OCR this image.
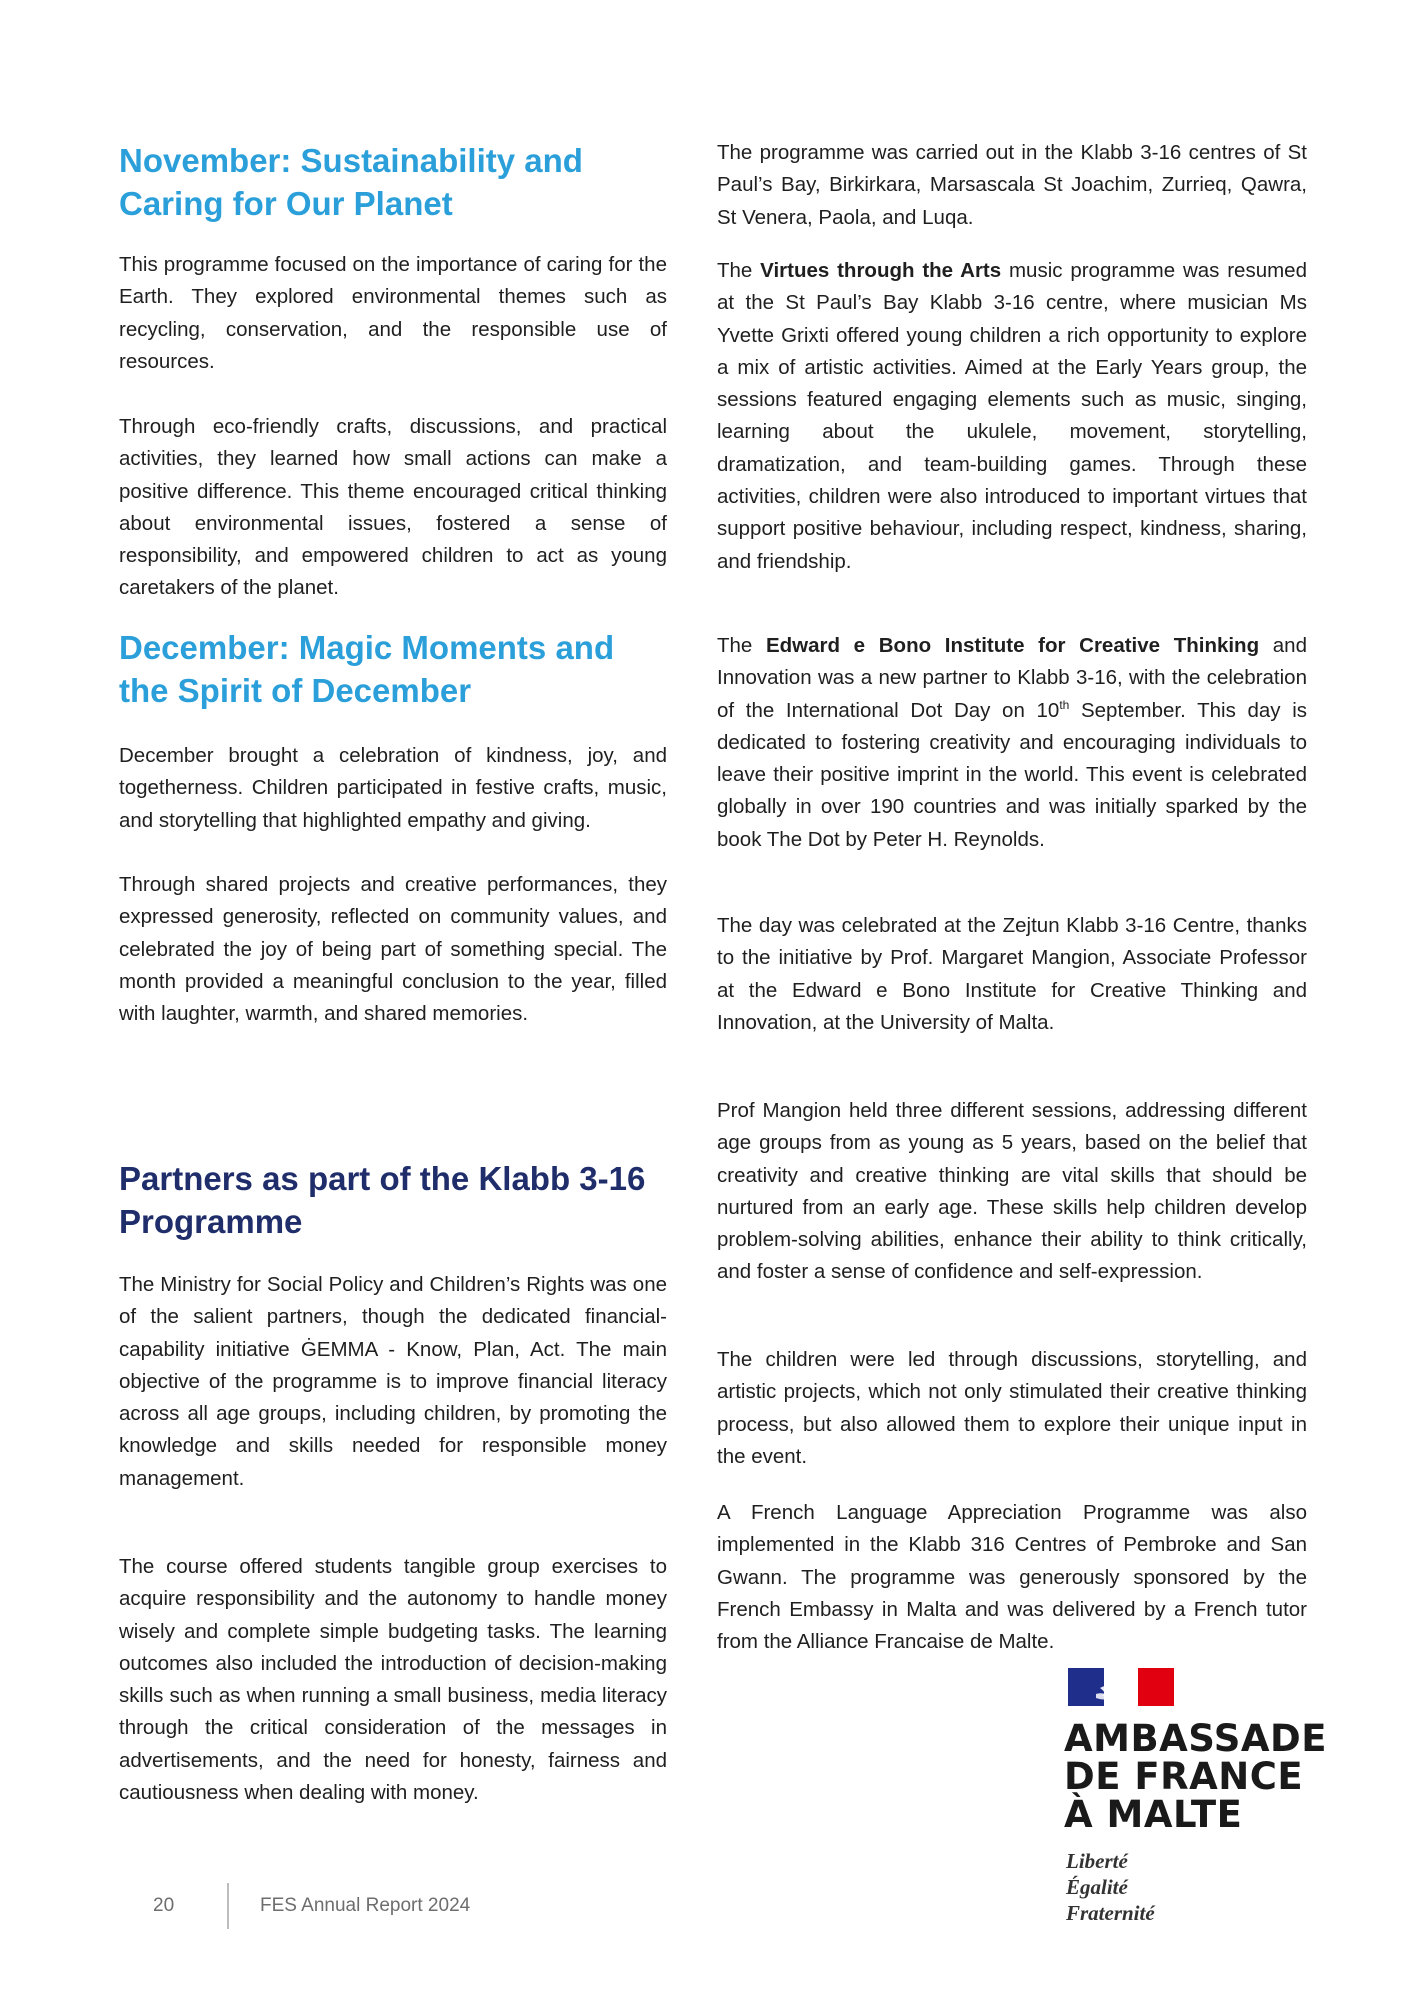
November: Sustainability and
Caring for Our Planet

This programme focused on the importance of caring for the Earth. They explored environmental themes such as recycling, conservation, and the responsible use of resources.

Through eco-friendly crafts, discussions, and practical activities, they learned how small actions can make a positive difference. This theme encouraged critical thinking about environmental issues, fostered a sense of responsibility, and empowered children to act as young caretakers of the planet.

December: Magic Moments and
the Spirit of December

December brought a celebration of kindness, joy, and togetherness. Children participated in festive crafts, music, and storytelling that highlighted empathy and giving.

Through shared projects and creative performances, they expressed generosity, reflected on community values, and celebrated the joy of being part of something special. The month provided a meaningful conclusion to the year, filled with laughter, warmth, and shared memories.

Partners as part of the Klabb 3-16
Programme

The Ministry for Social Policy and Children’s Rights was one of the salient partners, though the dedicated financial-capability initiative ĠEMMA - Know, Plan, Act. The main objective of the programme is to improve financial literacy across all age groups, including children, by promoting the knowledge and skills needed for responsible money management.

The course offered students tangible group exercises to acquire responsibility and the autonomy to handle money wisely and complete simple budgeting tasks. The learning outcomes also included the introduction of decision-making skills such as when running a small business, media literacy through the critical consideration of the messages in advertisements, and the need for honesty, fairness and cautiousness when dealing with money.

The programme was carried out in the Klabb 3-16 centres of St Paul’s Bay, Birkirkara, Marsascala St Joachim, Zurrieq, Qawra, St Venera, Paola, and Luqa.

The Virtues through the Arts music programme was resumed at the St Paul’s Bay Klabb 3-16 centre, where musician Ms Yvette Grixti offered young children a rich opportunity to explore a mix of artistic activities. Aimed at the Early Years group, the sessions featured engaging elements such as music, singing, learning about the ukulele, movement, storytelling, dramatization, and team-building games. Through these activities, children were also introduced to important virtues that support positive behaviour, including respect, kindness, sharing, and friendship.

The Edward e Bono Institute for Creative Thinking and Innovation was a new partner to Klabb 3-16, with the celebration of the International Dot Day on 10th September. This day is dedicated to fostering creativity and encouraging individuals to leave their positive imprint in the world. This event is celebrated globally in over 190 countries and was initially sparked by the book The Dot by Peter H. Reynolds.

The day was celebrated at the Zejtun Klabb 3-16 Centre, thanks to the initiative by Prof. Margaret Mangion, Associate Professor at the Edward e Bono Institute for Creative Thinking and Innovation, at the University of Malta.

Prof Mangion held three different sessions, addressing different age groups from as young as 5 years, based on the belief that creativity and creative thinking are vital skills that should be nurtured from an early age. These skills help children develop problem-solving abilities, enhance their ability to think critically, and foster a sense of confidence and self-expression.

The children were led through discussions, storytelling, and artistic projects, which not only stimulated their creative thinking process, but also allowed them to explore their unique input in the event.

A French Language Appreciation Programme was also implemented in the Klabb 316 Centres of Pembroke and San Gwann. The programme was generously sponsored by the French Embassy in Malta and was delivered by a French tutor from the Alliance Francaise de Malte.

AMBASSADE
DE FRANCE
À MALTE

Liberté
Égalité
Fraternité

20	FES Annual Report 2024
